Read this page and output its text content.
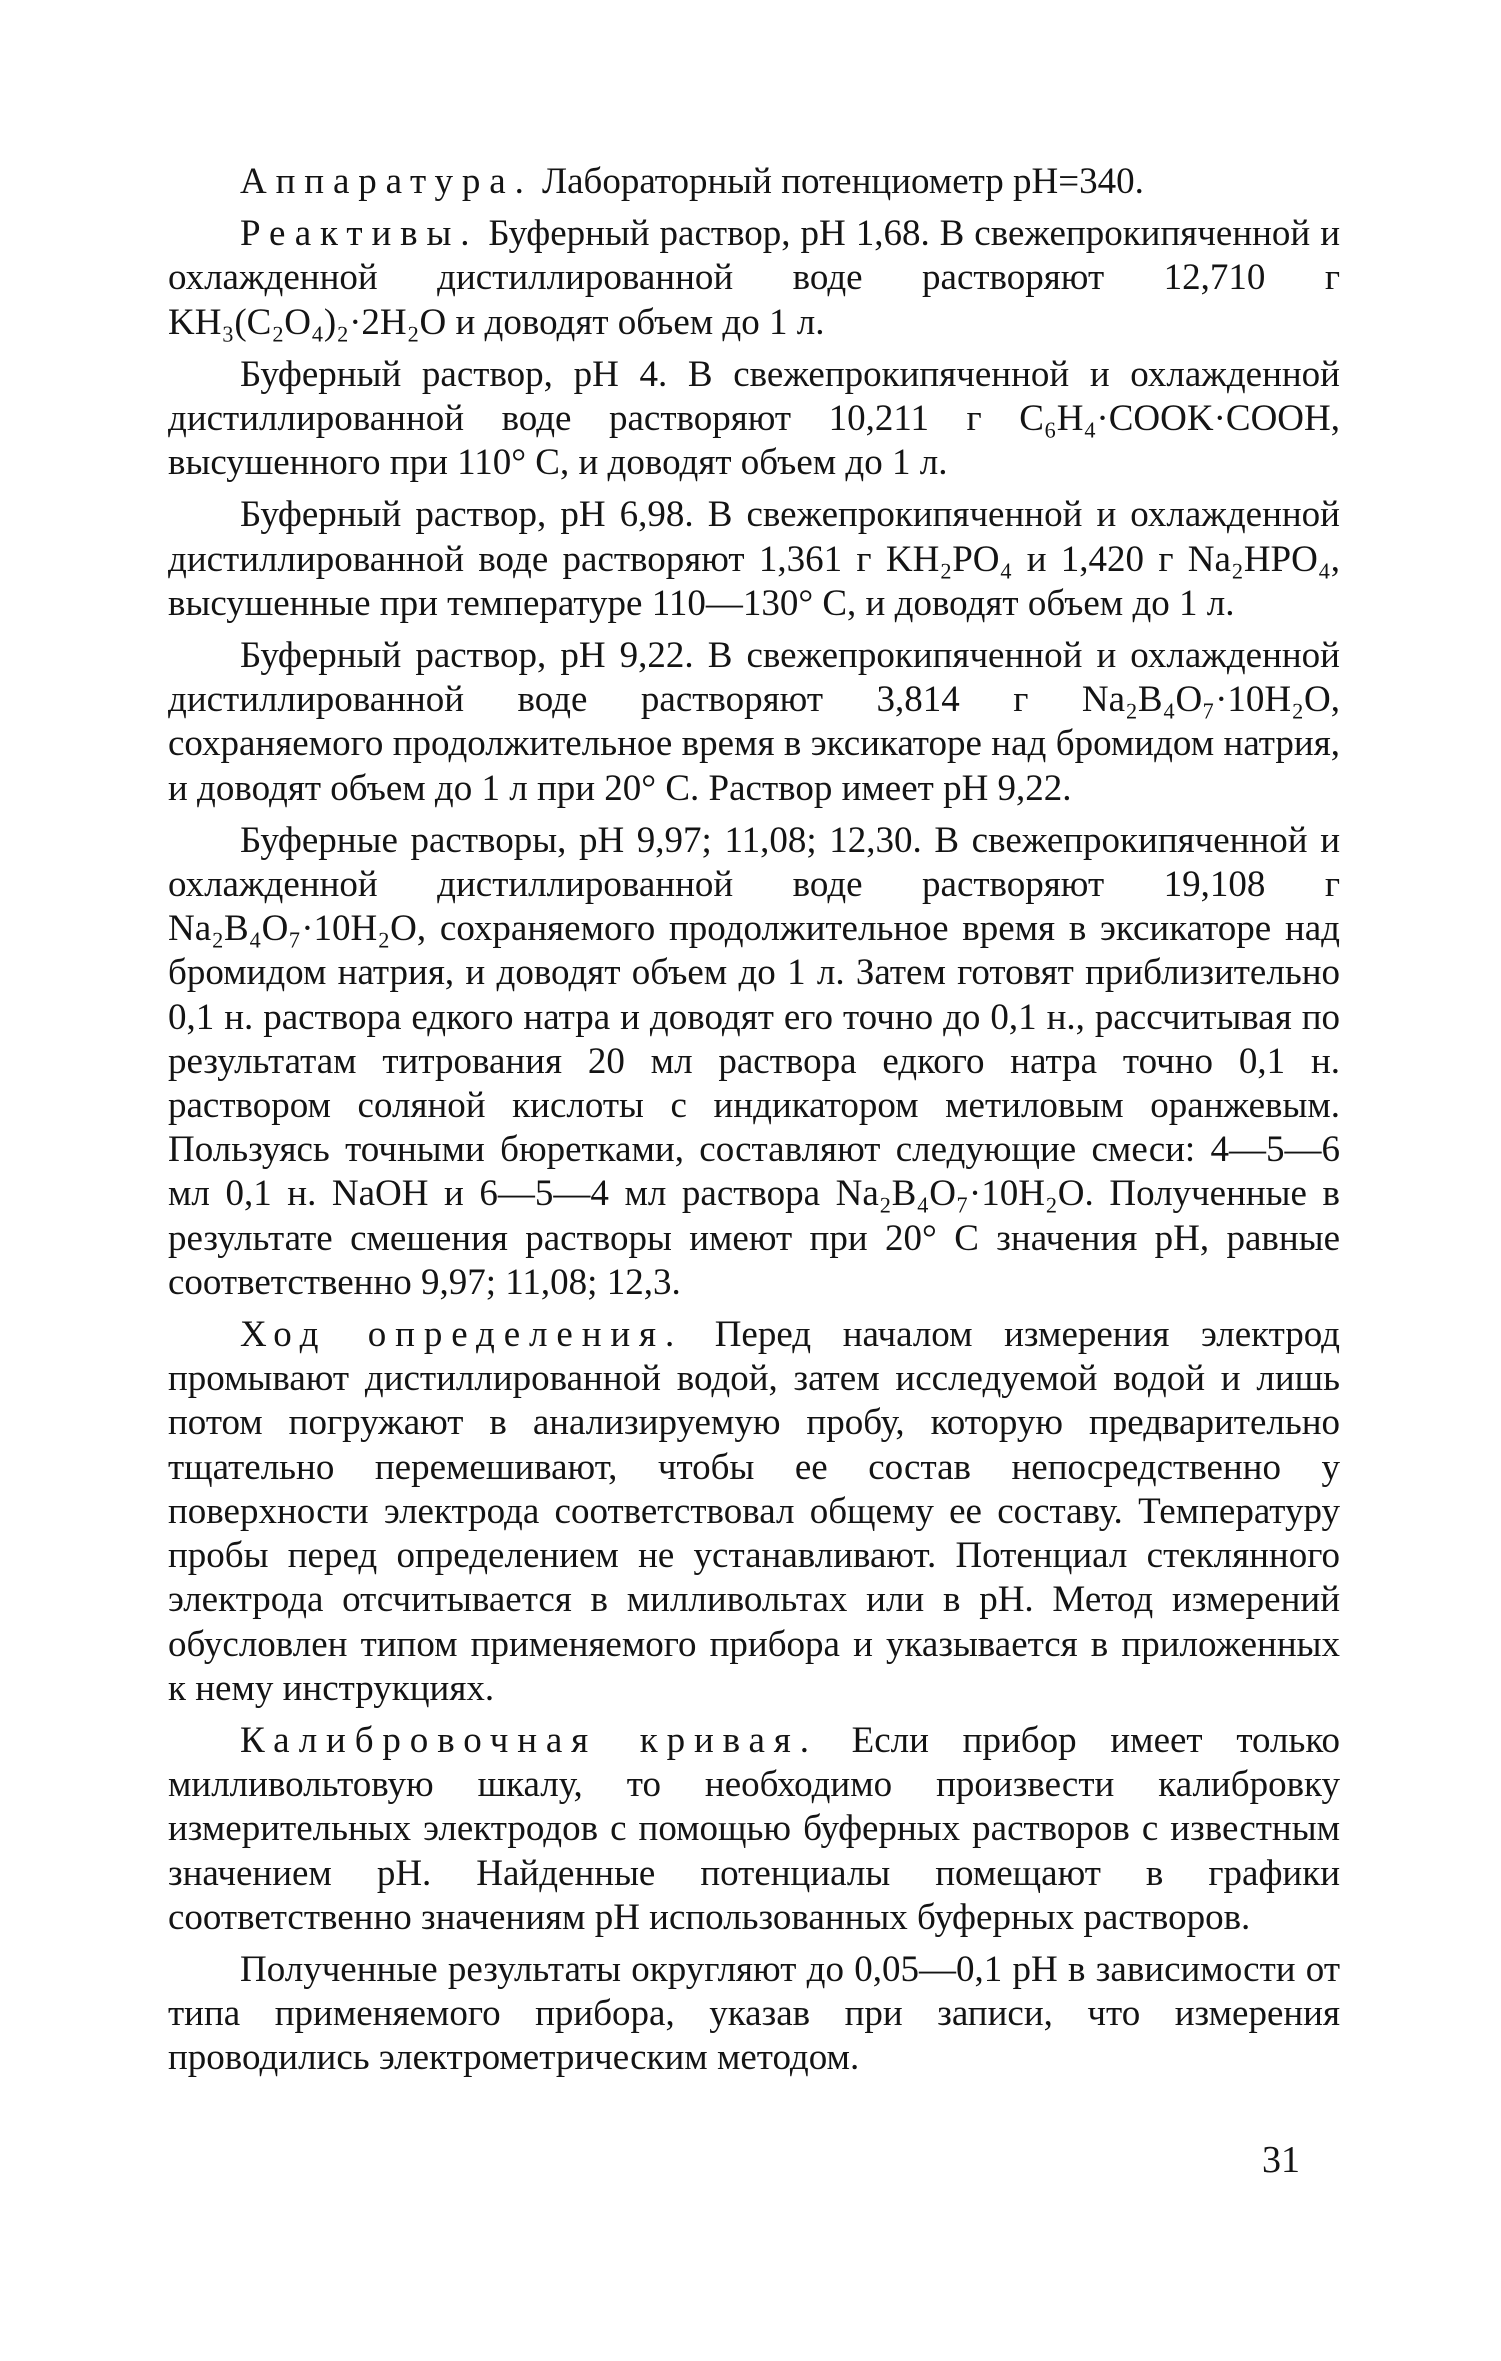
Аппаратура. Лабораторный потенциометр pH=340.

Реактивы. Буферный раствор, pH 1,68. В свежепрокипяченной и охлажденной дистиллированной воде растворяют 12,710 г KH₃(C₂O₄)₂·2H₂O и доводят объем до 1 л.

Буферный раствор, pH 4. В свежепрокипяченной и охлажденной дистиллированной воде растворяют 10,211 г C₆H₄·COOK·COOH, высушенного при 110° C, и доводят объем до 1 л.

Буферный раствор, pH 6,98. В свежепрокипяченной и охлажденной дистиллированной воде растворяют 1,361 г KH₂PO₄ и 1,420 г Na₂HPO₄, высушенные при температуре 110—130° C, и доводят объем до 1 л.

Буферный раствор, pH 9,22. В свежепрокипяченной и охлажденной дистиллированной воде растворяют 3,814 г Na₂B₄O₇·10H₂O, сохраняемого продолжительное время в эксикаторе над бромидом натрия, и доводят объем до 1 л при 20° C. Раствор имеет pH 9,22.

Буферные растворы, pH 9,97; 11,08; 12,30. В свежепрокипяченной и охлажденной дистиллированной воде растворяют 19,108 г Na₂B₄O₇·10H₂O, сохраняемого продолжительное время в эксикаторе над бромидом натрия, и доводят объем до 1 л. Затем готовят приблизительно 0,1 н. раствора едкого натра и доводят его точно до 0,1 н., рассчитывая по результатам титрования 20 мл раствора едкого натра точно 0,1 н. раствором соляной кислоты с индикатором метиловым оранжевым. Пользуясь точными бюретками, составляют следующие смеси: 4—5—6 мл 0,1 н. NaOH и 6—5—4 мл раствора Na₂B₄O₇·10H₂O. Полученные в результате смешения растворы имеют при 20° C значения pH, равные соответственно 9,97; 11,08; 12,3.

Ход определения. Перед началом измерения электрод промывают дистиллированной водой, затем исследуемой водой и лишь потом погружают в анализируемую пробу, которую предварительно тщательно перемешивают, чтобы ее состав непосредственно у поверхности электрода соответствовал общему ее составу. Температуру пробы перед определением не устанавливают. Потенциал стеклянного электрода отсчитывается в милливольтах или в pH. Метод измерений обусловлен типом применяемого прибора и указывается в приложенных к нему инструкциях.

Калибровочная кривая. Если прибор имеет только милливольтовую шкалу, то необходимо произвести калибровку измерительных электродов с помощью буферных растворов с известным значением pH. Найденные потенциалы помещают в графики соответственно значениям pH использованных буферных растворов.

Полученные результаты округляют до 0,05—0,1 pH в зависимости от типа применяемого прибора, указав при записи, что измерения проводились электрометрическим методом.

31
